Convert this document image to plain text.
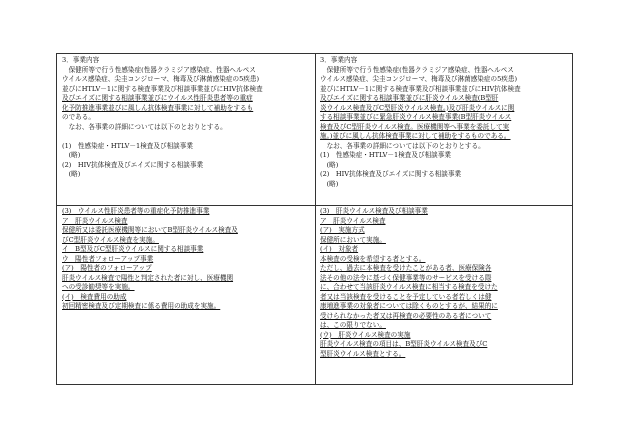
3．事業内容

　保健所等で行う性感染症(性器クラミジア感染症、性器ヘルペス

ウイルス感染症、尖圭コンジローマ、梅毒及び淋菌感染症の5疾患)

並びにHTLV－1に関する検査事業及び相談事業並びにHIV抗体検査

及びエイズに関する相談事業並びにウイルス性肝炎患者等の重症

化予防推進事業並びに風しん抗体検査事業に対して補助をするも

のである。

　なお、各事業の詳細については以下のとおりとする。

(1)　性感染症・HTLV－1検査及び相談事業

　(略)

(2)　HIV抗体検査及びエイズに関する相談事業

　(略)

3．事業内容

　保健所等で行う性感染症(性器クラミジア感染症、性器ヘルペス

ウイルス感染症、尖圭コンジローマ、梅毒及び淋菌感染症の5疾患)

並びにHTLV－1に関する検査事業及び相談事業並びにHIV抗体検査

及びエイズに関する相談事業並びに肝炎ウイルス検査(B型肝

炎ウイルス検査及びC型肝炎ウイルス検査。)及び肝炎ウイルスに関

する相談事業並びに緊急肝炎ウイルス検査事業(B型肝炎ウイルス

検査及びC型肝炎ウイルス検査。医療機関等へ事業を委託して実

施。)並びに風しん抗体検査事業に対して補助をするものである。

　なお、各事業の詳細については以下のとおりとする。

(1)　性感染症・HTLV－1検査及び相談事業

　(略)

(2)　HIV抗体検査及びエイズに関する相談事業

　(略)

(3)　ウイルス性肝炎患者等の重症化予防推進事業

ア　肝炎ウイルス検査

保健所又は委託医療機関等においてB型肝炎ウイルス検査及

びC型肝炎ウイルス検査を実施。

イ　B型及びC型肝炎ウイルスに関する相談事業

ウ　陽性者フォローアップ事業

(ア)　陽性者のフォローアップ

肝炎ウイルス検査で陽性と判定された者に対し、医療機関

への受診勧奨等を実施。

(イ)　検査費用の助成

初回精密検査及び定期検査に係る費用の助成を実施。

(3)　肝炎ウイルス検査及び相談事業

ア　肝炎ウイルス検査

(ア)　実施方式

保健所において実施。

(イ)　対象者

本検査の受検を希望する者とする。

ただし、過去に本検査を受けたことがある者、医療保険各

法その他の法令に基づく保健事業等のサービスを受ける際

に、合わせて当該肝炎ウイルス検査に相当する検査を受けた

者又は当該検査を受けることを予定している者若しくは健

康増進事業の対象者については除くものとするが、結果的に

受けられなかった者又は再検査の必要性のある者について

は、この限りでない。

(ウ)　肝炎ウイルス検査の実施

肝炎ウイルス検査の項目は、B型肝炎ウイルス検査及びC

型肝炎ウイルス検査とする。
